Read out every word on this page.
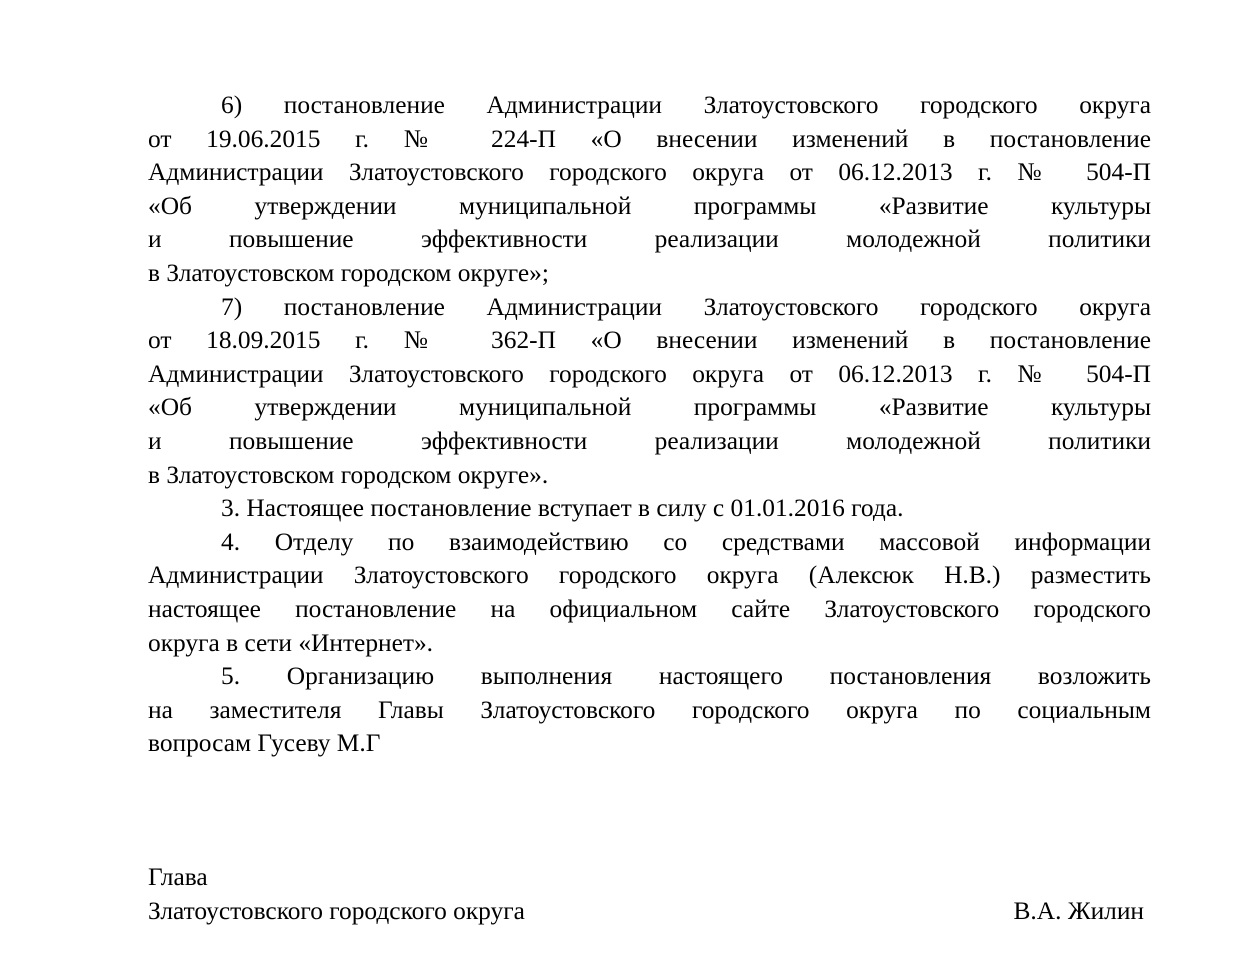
6) постановление Администрации Златоустовского городского округа
от 19.06.2015 г. № 224-П «О внесении изменений в постановление
Администрации Златоустовского городского округа от 06.12.2013 г. № 504-П
«Об утверждении муниципальной программы «Развитие культуры
и повышение эффективности реализации молодежной политики
в Златоустовском городском округе»;
7) постановление Администрации Златоустовского городского округа
от 18.09.2015 г. № 362-П «О внесении изменений в постановление
Администрации Златоустовского городского округа от 06.12.2013 г. № 504-П
«Об утверждении муниципальной программы «Развитие культуры
и повышение эффективности реализации молодежной политики
в Златоустовском городском округе».
3. Настоящее постановление вступает в силу с 01.01.2016 года.
4. Отделу по взаимодействию со средствами массовой информации
Администрации Златоустовского городского округа (Алексюк Н.В.) разместить
настоящее постановление на официальном сайте Златоустовского городского
округа в сети «Интернет».
5. Организацию выполнения настоящего постановления возложить
на заместителя Главы Златоустовского городского округа по социальным
вопросам Гусеву М.Г
Глава
Златоустовского городского округа	В.А. Жилин
